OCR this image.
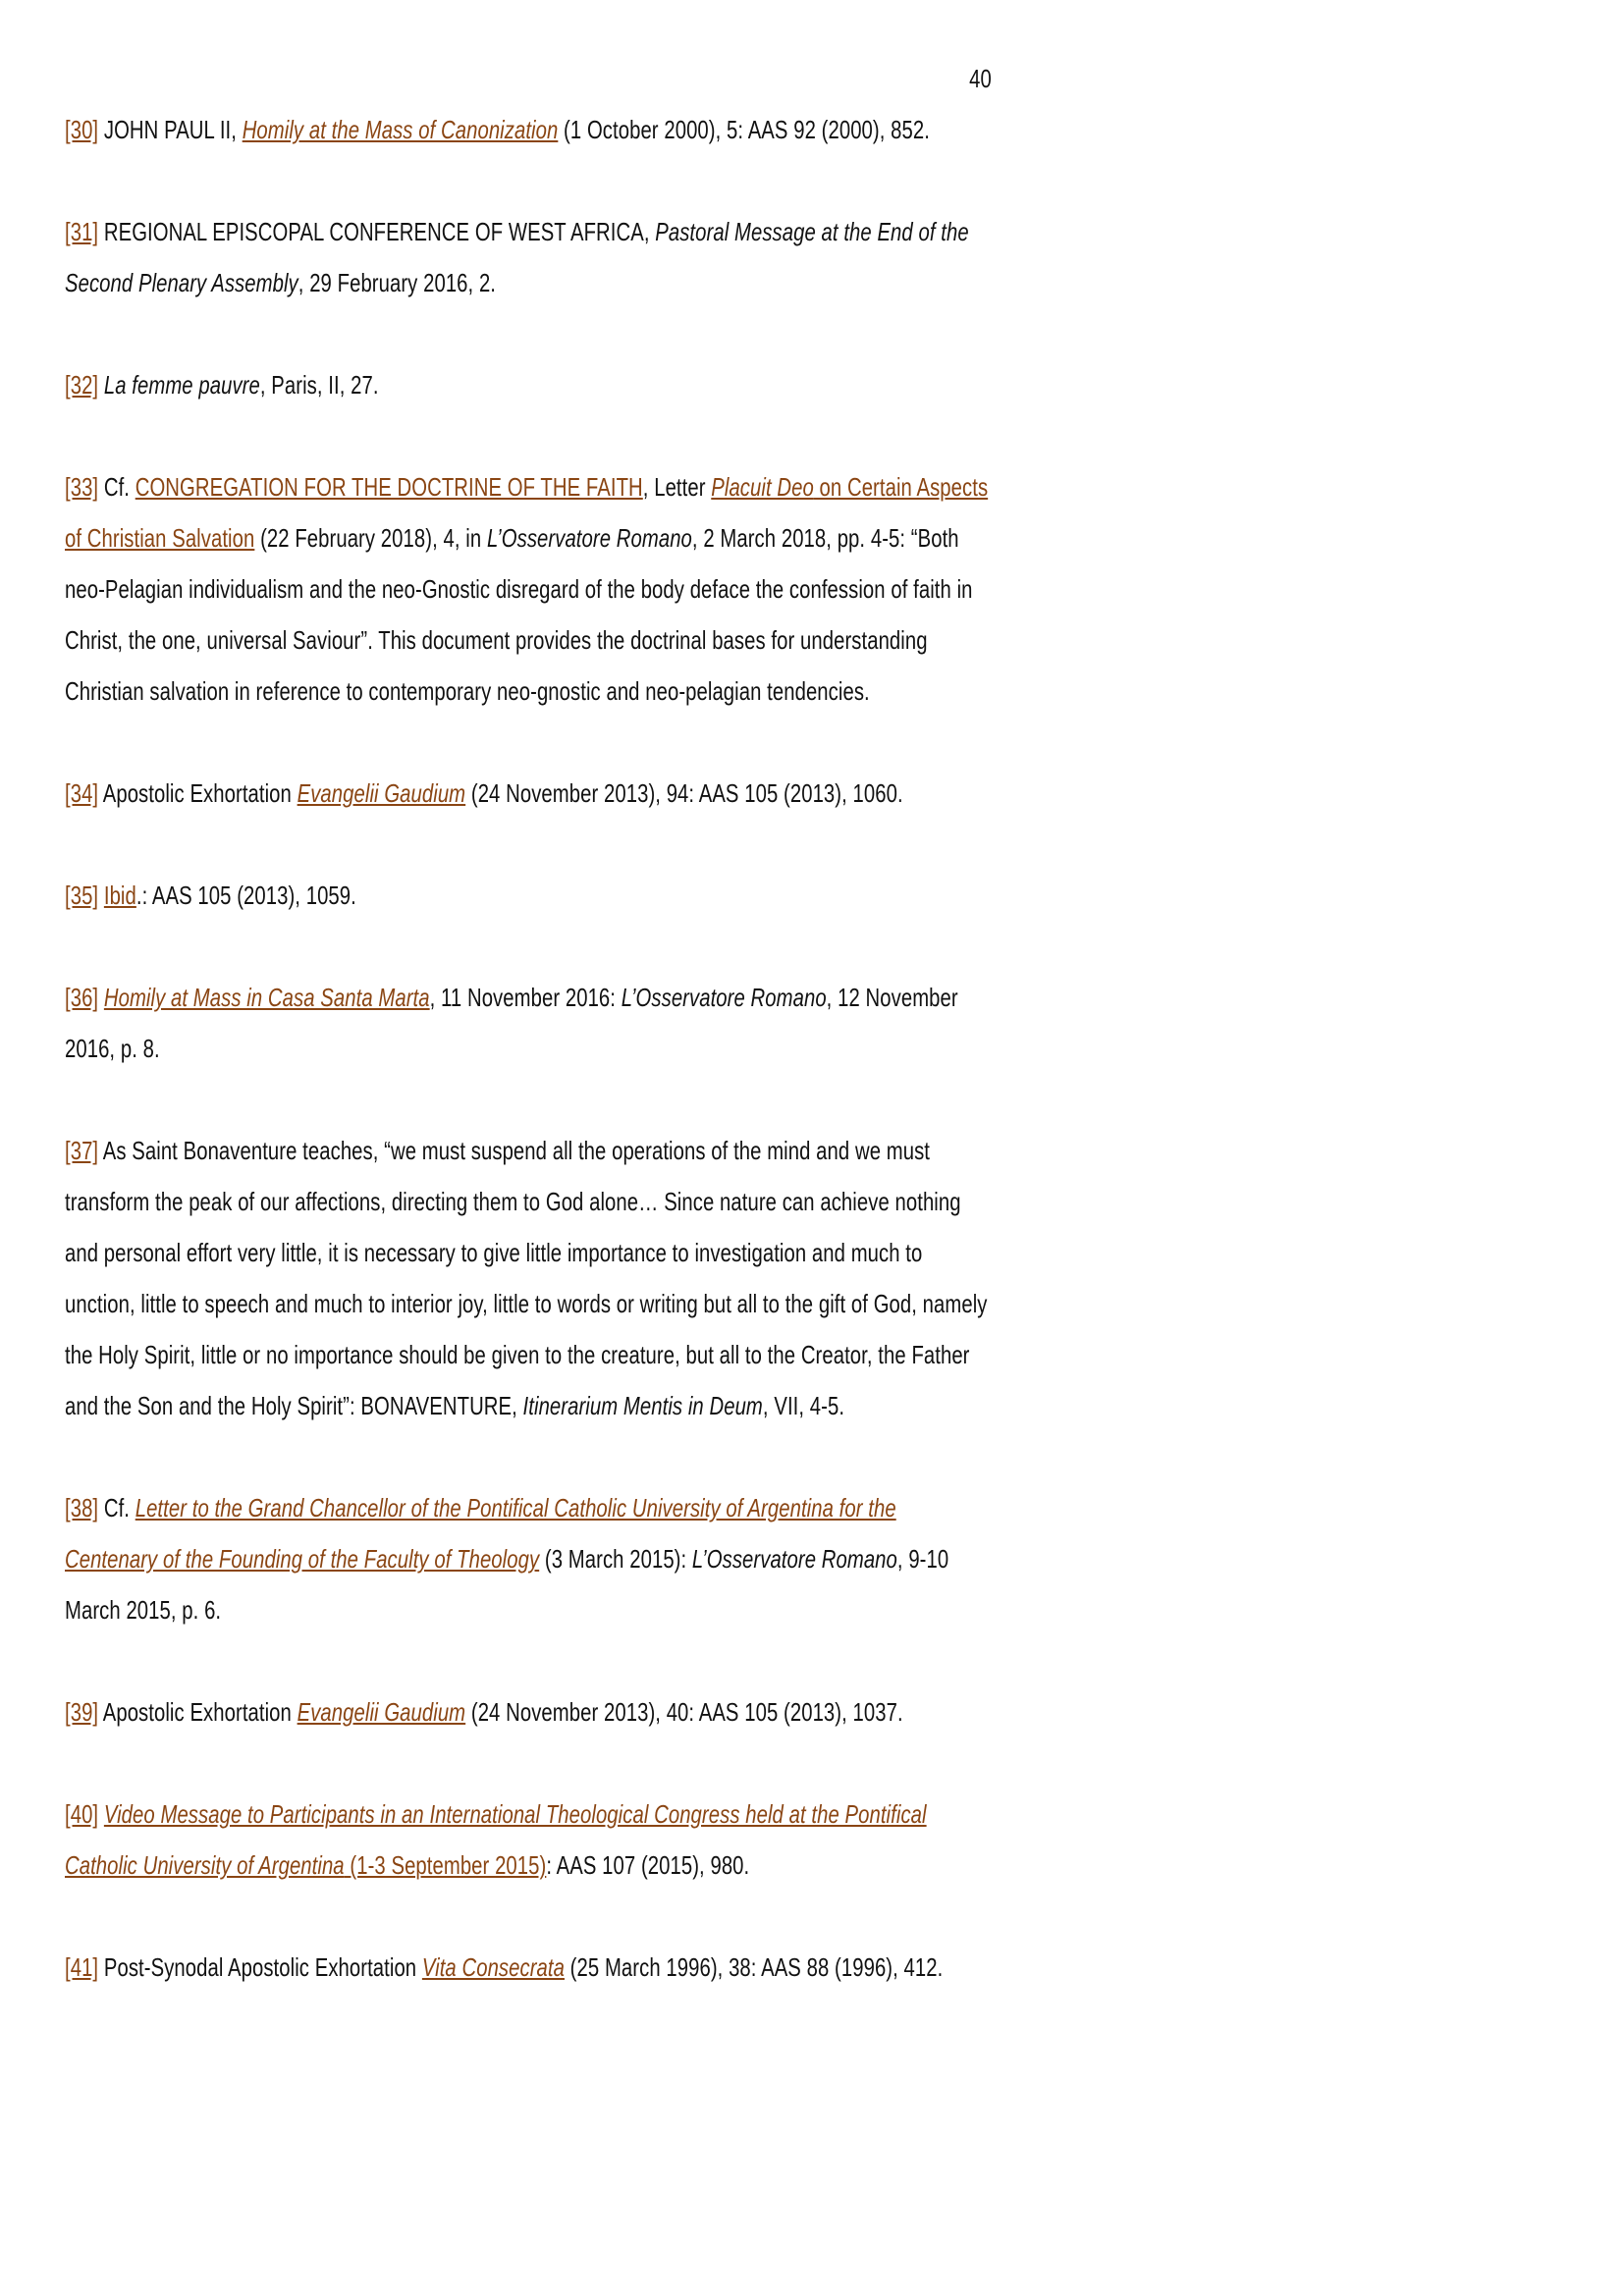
40

[30] JOHN PAUL II, Homily at the Mass of Canonization (1 October 2000), 5: AAS 92 (2000), 852.

[31] REGIONAL EPISCOPAL CONFERENCE OF WEST AFRICA, Pastoral Message at the End of the Second Plenary Assembly, 29 February 2016, 2.

[32] La femme pauvre, Paris, II, 27.

[33] Cf. CONGREGATION FOR THE DOCTRINE OF THE FAITH, Letter Placuit Deo on Certain Aspects of Christian Salvation (22 February 2018), 4, in L’Osservatore Romano, 2 March 2018, pp. 4-5: “Both neo-Pelagian individualism and the neo-Gnostic disregard of the body deface the confession of faith in Christ, the one, universal Saviour”. This document provides the doctrinal bases for understanding Christian salvation in reference to contemporary neo-gnostic and neo-pelagian tendencies.

[34] Apostolic Exhortation Evangelii Gaudium (24 November 2013), 94: AAS 105 (2013), 1060.

[35] Ibid.: AAS 105 (2013), 1059.

[36] Homily at Mass in Casa Santa Marta, 11 November 2016: L’Osservatore Romano, 12 November 2016, p. 8.

[37] As Saint Bonaventure teaches, “we must suspend all the operations of the mind and we must transform the peak of our affections, directing them to God alone… Since nature can achieve nothing and personal effort very little, it is necessary to give little importance to investigation and much to unction, little to speech and much to interior joy, little to words or writing but all to the gift of God, namely the Holy Spirit, little or no importance should be given to the creature, but all to the Creator, the Father and the Son and the Holy Spirit”: BONAVENTURE, Itinerarium Mentis in Deum, VII, 4-5.

[38] Cf. Letter to the Grand Chancellor of the Pontifical Catholic University of Argentina for the Centenary of the Founding of the Faculty of Theology (3 March 2015): L’Osservatore Romano, 9-10 March 2015, p. 6.

[39] Apostolic Exhortation Evangelii Gaudium (24 November 2013), 40: AAS 105 (2013), 1037.

[40] Video Message to Participants in an International Theological Congress held at the Pontifical Catholic University of Argentina (1-3 September 2015): AAS 107 (2015), 980.

[41] Post-Synodal Apostolic Exhortation Vita Consecrata (25 March 1996), 38: AAS 88 (1996), 412.
